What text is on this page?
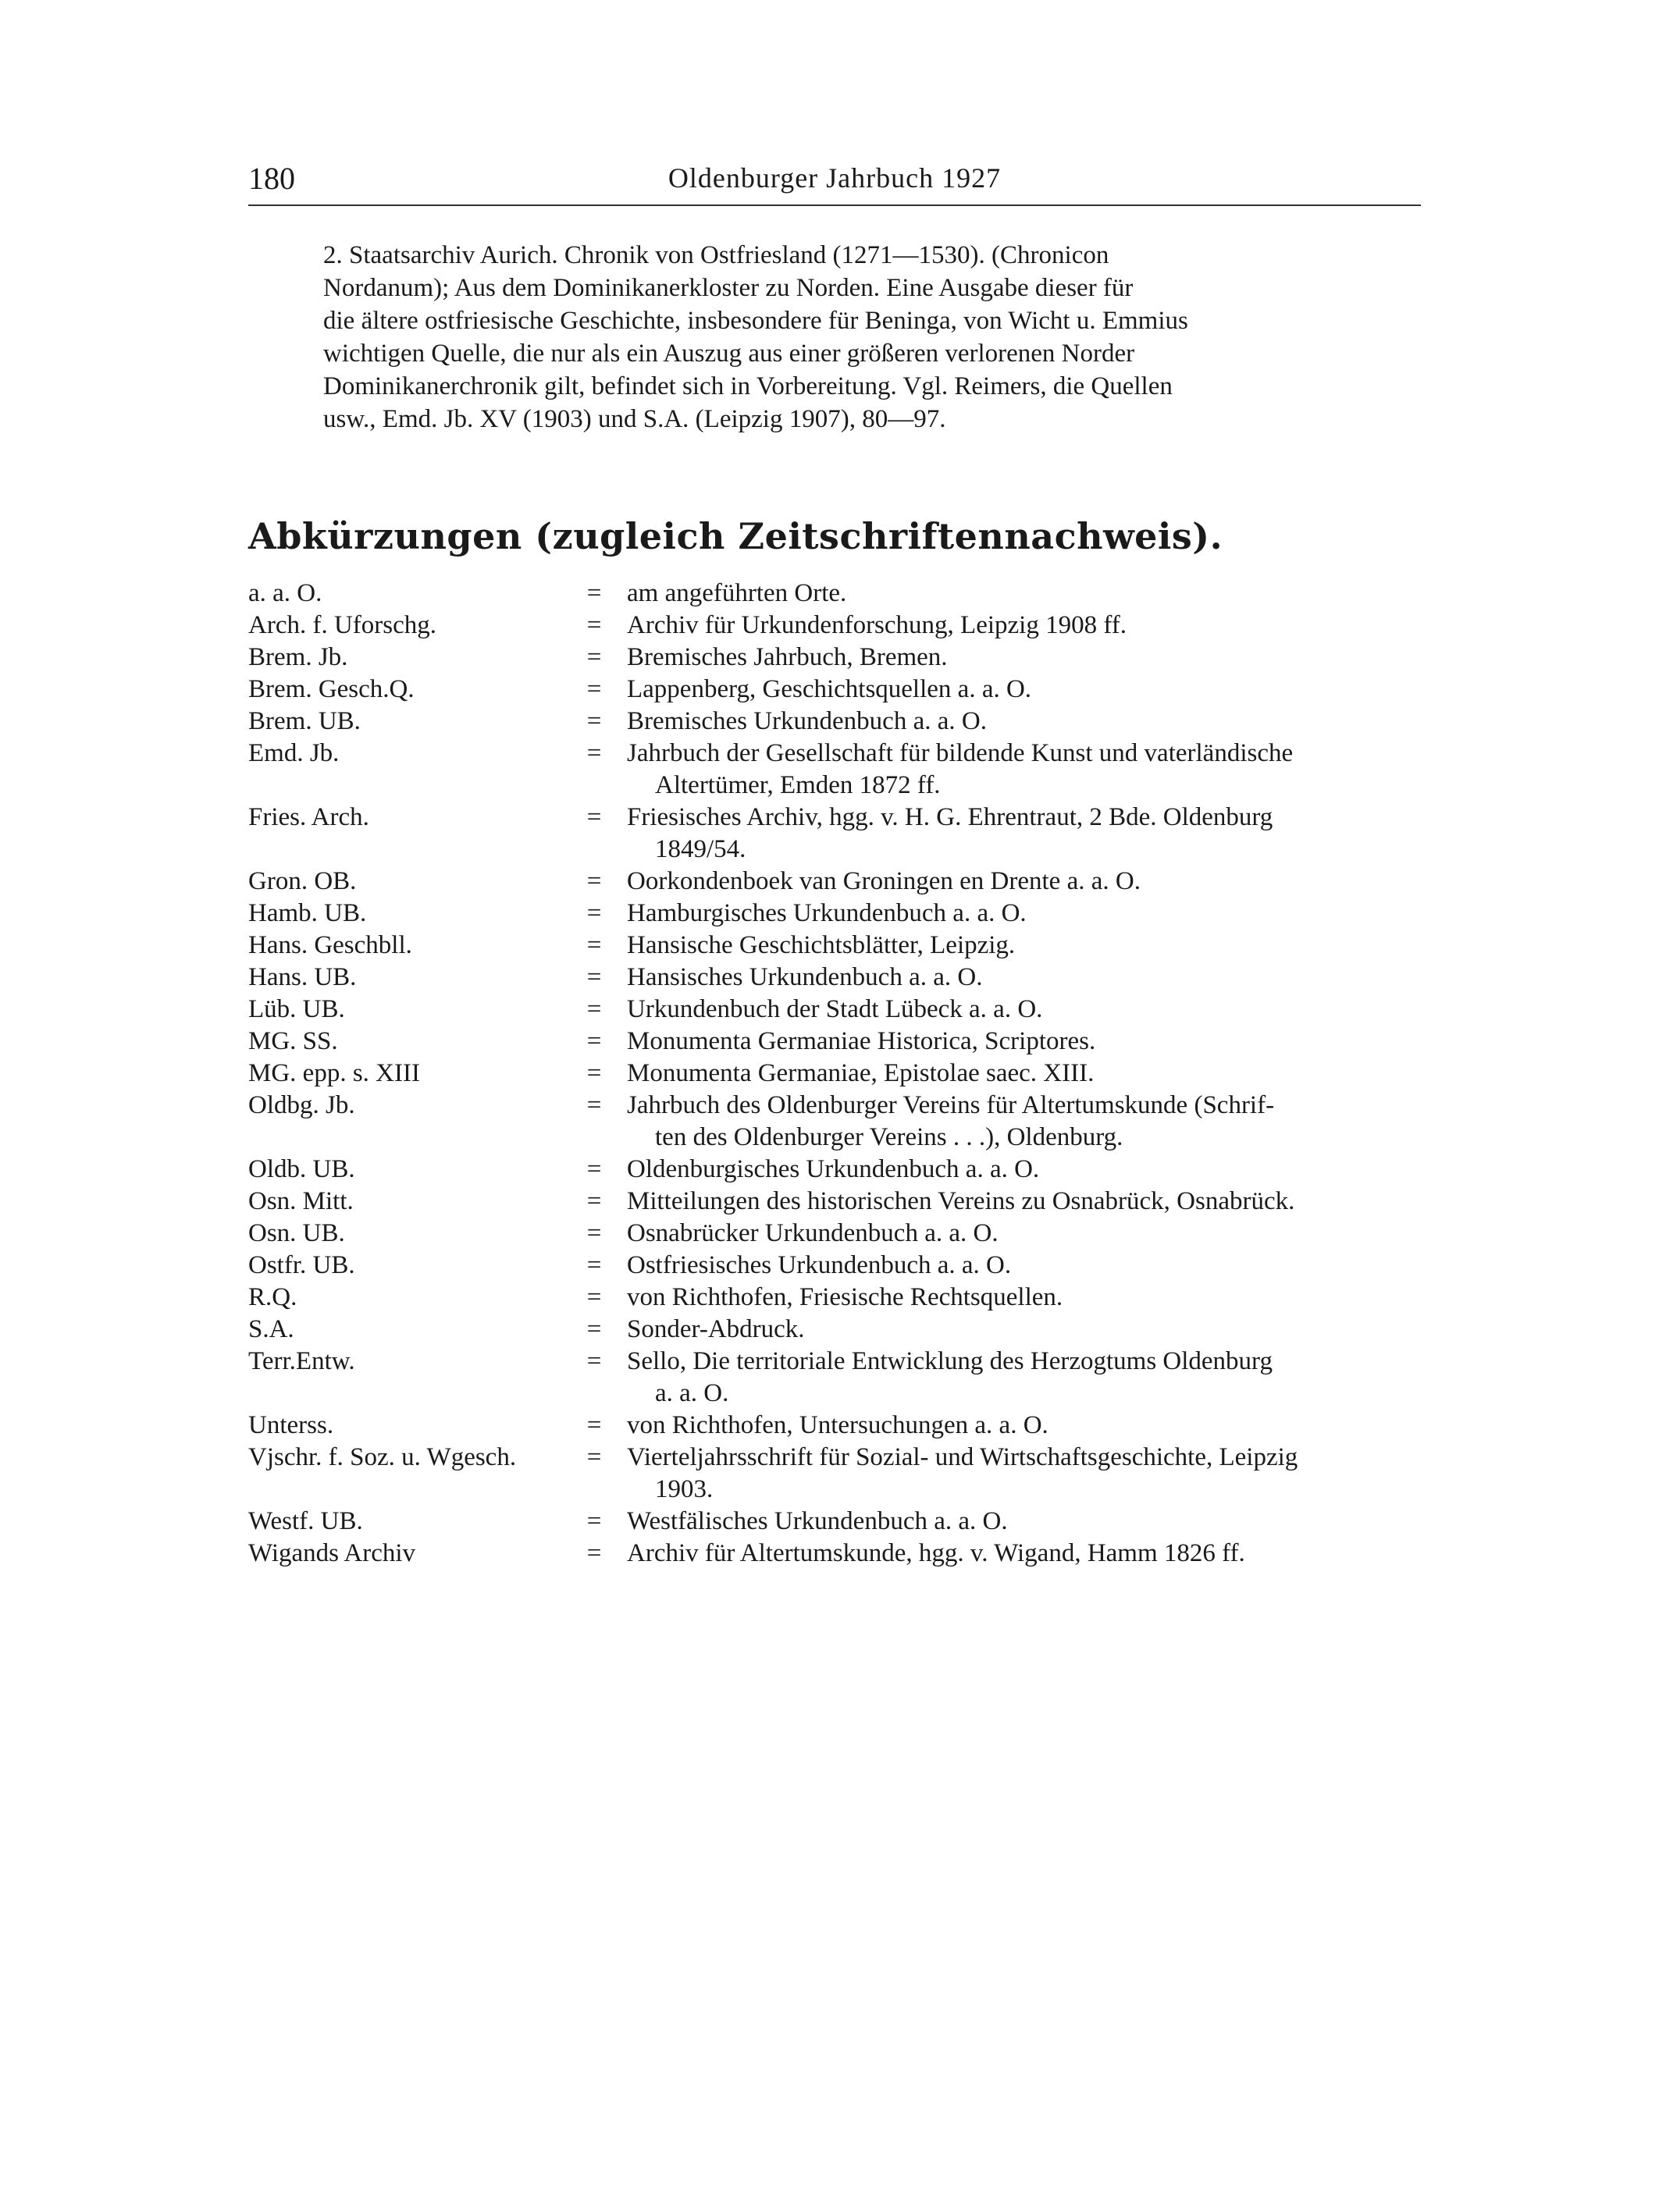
180	Oldenburger Jahrbuch 1927
2. Staatsarchiv Aurich. Chronik von Ostfriesland (1271—1530). (Chronicon
Nordanum); Aus dem Dominikanerkloster zu Norden. Eine Ausgabe dieser für
die ältere ostfriesische Geschichte, insbesondere für Beninga, von Wicht u. Emmius
wichtigen Quelle, die nur als ein Auszug aus einer größeren verlorenen Norder
Dominikanerchronik gilt, befindet sich in Vorbereitung. Vgl. Reimers, die Quellen
usw., Emd. Jb. XV (1903) und S.A. (Leipzig 1907), 80—97.
Abkürzungen (zugleich Zeitschriftennachweis).
a. a. O.	= am angeführten Orte.
Arch. f. Uforschg.	= Archiv für Urkundenforschung, Leipzig 1908 ff.
Brem. Jb.	= Bremisches Jahrbuch, Bremen.
Brem. Gesch.Q.	= Lappenberg, Geschichtsquellen a. a. O.
Brem. UB.	= Bremisches Urkundenbuch a. a. O.
Emd. Jb.	= Jahrbuch der Gesellschaft für bildende Kunst und vaterländische
Altertümer, Emden 1872 ff.
Fries. Arch.	= Friesisches Archiv, hgg. v. H. G. Ehrentraut, 2 Bde. Oldenburg
1849/54.
Gron. OB.	= Oorkondenboek van Groningen en Drente a. a. O.
Hamb. UB.	= Hamburgisches Urkundenbuch a. a. O.
Hans. Geschbll.	= Hansische Geschichtsblätter, Leipzig.
Hans. UB.	= Hansisches Urkundenbuch a. a. O.
Lüb. UB.	= Urkundenbuch der Stadt Lübeck a. a. O.
MG. SS.	= Monumenta Germaniae Historica, Scriptores.
MG. epp. s. XIII	= Monumenta Germaniae, Epistolae saec. XIII.
Oldbg. Jb.	= Jahrbuch des Oldenburger Vereins für Altertumskunde (Schrif-
ten des Oldenburger Vereins . . .), Oldenburg.
Oldb. UB.	= Oldenburgisches Urkundenbuch a. a. O.
Osn. Mitt.	= Mitteilungen des historischen Vereins zu Osnabrück, Osnabrück.
Osn. UB.	= Osnabrücker Urkundenbuch a. a. O.
Ostfr. UB.	= Ostfriesisches Urkundenbuch a. a. O.
R.Q.	= von Richthofen, Friesische Rechtsquellen.
S.A.	= Sonder-Abdruck.
Terr.Entw.	= Sello, Die territoriale Entwicklung des Herzogtums Oldenburg
a. a. O.
Unterss.	= von Richthofen, Untersuchungen a. a. O.
Vjschr. f. Soz. u. Wgesch.	= Vierteljahrsschrift für Sozial- und Wirtschaftsgeschichte, Leipzig
1903.
Westf. UB.	= Westfälisches Urkundenbuch a. a. O.
Wigands Archiv	= Archiv für Altertumskunde, hgg. v. Wigand, Hamm 1826 ff.
